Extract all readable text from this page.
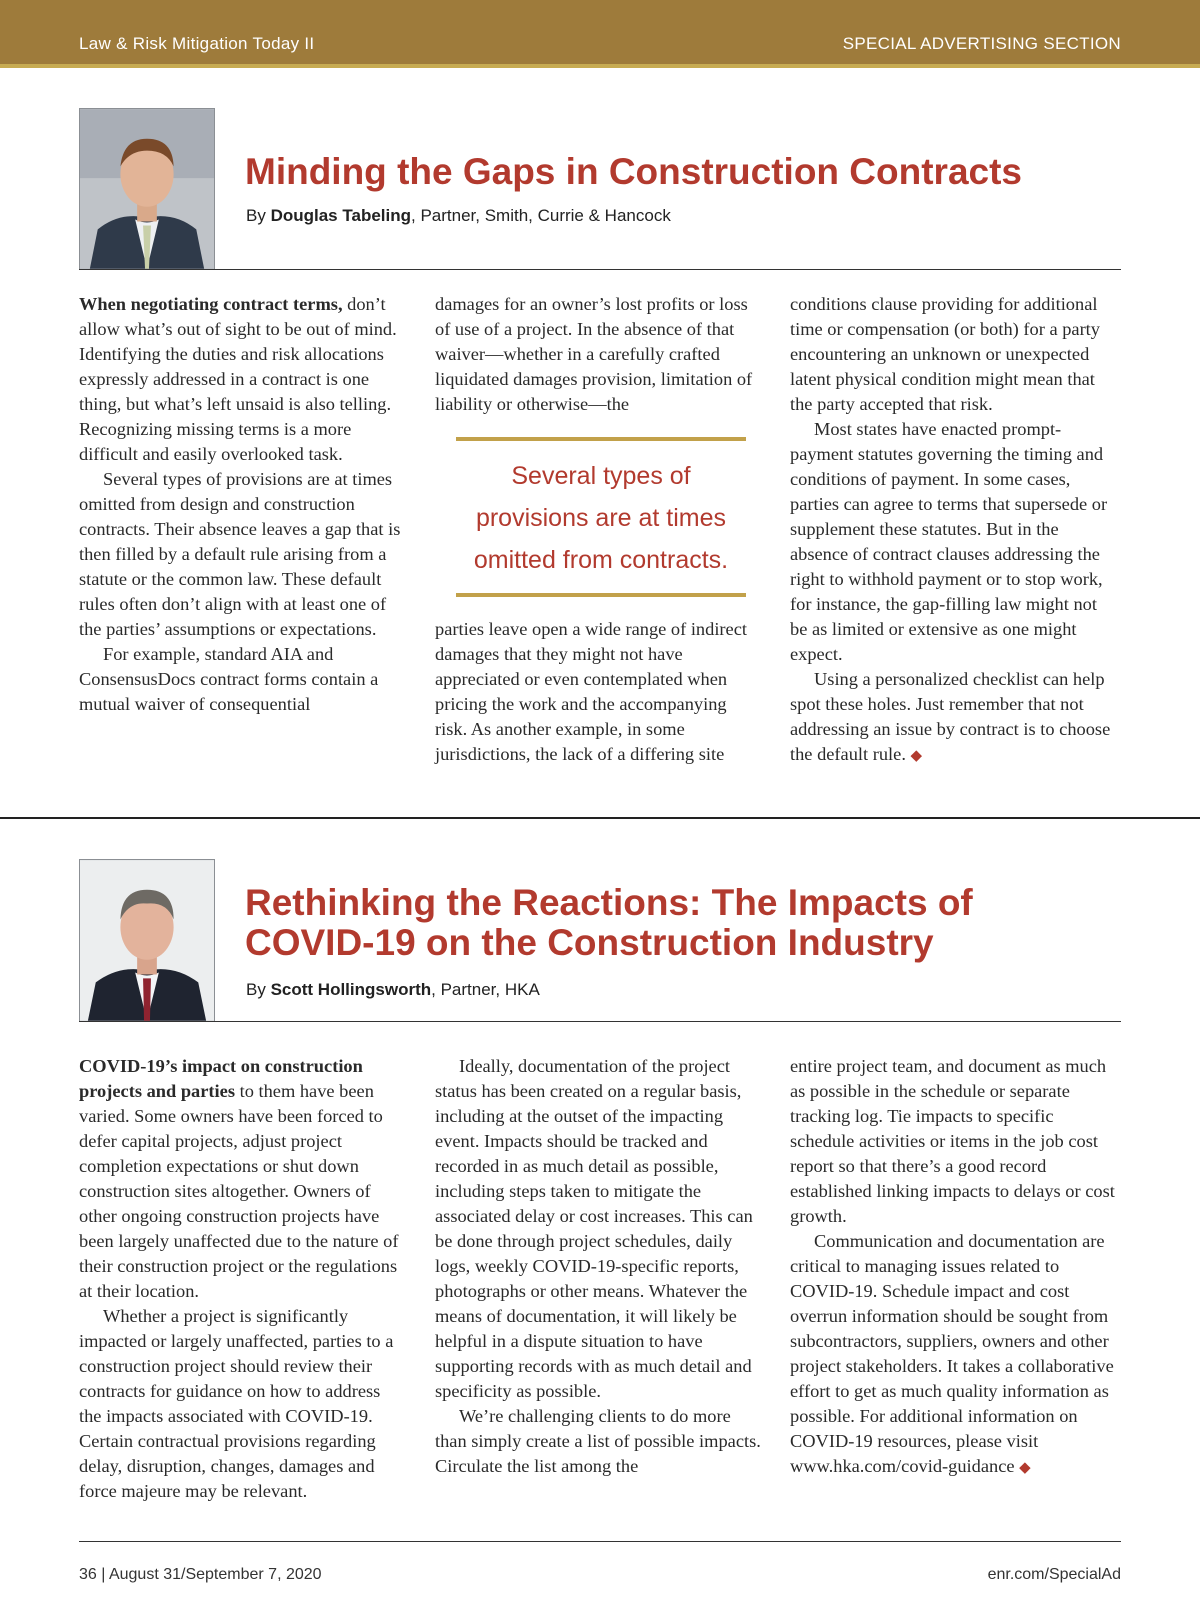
Law & Risk Mitigation Today II	SPECIAL ADVERTISING SECTION
Minding the Gaps in Construction Contracts
By Douglas Tabeling, Partner, Smith, Currie & Hancock

When negotiating contract terms, don’t allow what’s out of sight to be out of mind. Identifying the duties and risk allocations expressly addressed in a contract is one thing, but what’s left unsaid is also telling. Recognizing missing terms is a more difficult and easily overlooked task.

Several types of provisions are at times omitted from design and construction contracts. Their absence leaves a gap that is then filled by a default rule arising from a statute or the common law. These default rules often don’t align with at least one of the parties’ assumptions or expectations.

For example, standard AIA and ConsensusDocs contract forms contain a mutual waiver of consequential

damages for an owner’s lost profits or loss of use of a project. In the absence of that waiver—whether in a carefully crafted liquidated damages provision, limitation of liability or otherwise—the

Several types of provisions are at times omitted from contracts.

parties leave open a wide range of indirect damages that they might not have appreciated or even contemplated when pricing the work and the accompanying risk. As another example, in some jurisdictions, the lack of a differing site

conditions clause providing for additional time or compensation (or both) for a party encountering an unknown or unexpected latent physical condition might mean that the party accepted that risk.

Most states have enacted prompt-payment statutes governing the timing and conditions of payment. In some cases, parties can agree to terms that supersede or supplement these statutes. But in the absence of contract clauses addressing the right to withhold payment or to stop work, for instance, the gap-filling law might not be as limited or extensive as one might expect.

Using a personalized checklist can help spot these holes. Just remember that not addressing an issue by contract is to choose the default rule. ◆

Rethinking the Reactions: The Impacts of
COVID-19 on the Construction Industry
By Scott Hollingsworth, Partner, HKA

COVID-19’s impact on construction projects and parties to them have been varied. Some owners have been forced to defer capital projects, adjust project completion expectations or shut down construction sites altogether. Owners of other ongoing construction projects have been largely unaffected due to the nature of their construction project or the regulations at their location.

Whether a project is significantly impacted or largely unaffected, parties to a construction project should review their contracts for guidance on how to address the impacts associated with COVID-19. Certain contractual provisions regarding delay, disruption, changes, damages and force majeure may be relevant.

Ideally, documentation of the project status has been created on a regular basis, including at the outset of the impacting event. Impacts should be tracked and recorded in as much detail as possible, including steps taken to mitigate the associated delay or cost increases. This can be done through project schedules, daily logs, weekly COVID-19-specific reports, photographs or other means. Whatever the means of documentation, it will likely be helpful in a dispute situation to have supporting records with as much detail and specificity as possible.

We’re challenging clients to do more than simply create a list of possible impacts. Circulate the list among the

entire project team, and document as much as possible in the schedule or separate tracking log. Tie impacts to specific schedule activities or items in the job cost report so that there’s a good record established linking impacts to delays or cost growth.

Communication and documentation are critical to managing issues related to COVID-19. Schedule impact and cost overrun information should be sought from subcontractors, suppliers, owners and other project stakeholders. It takes a collaborative effort to get as much quality information as possible. For additional information on COVID-19 resources, please visit www.hka.com/covid-guidance ◆

36 | August 31/September 7, 2020	enr.com/SpecialAd
